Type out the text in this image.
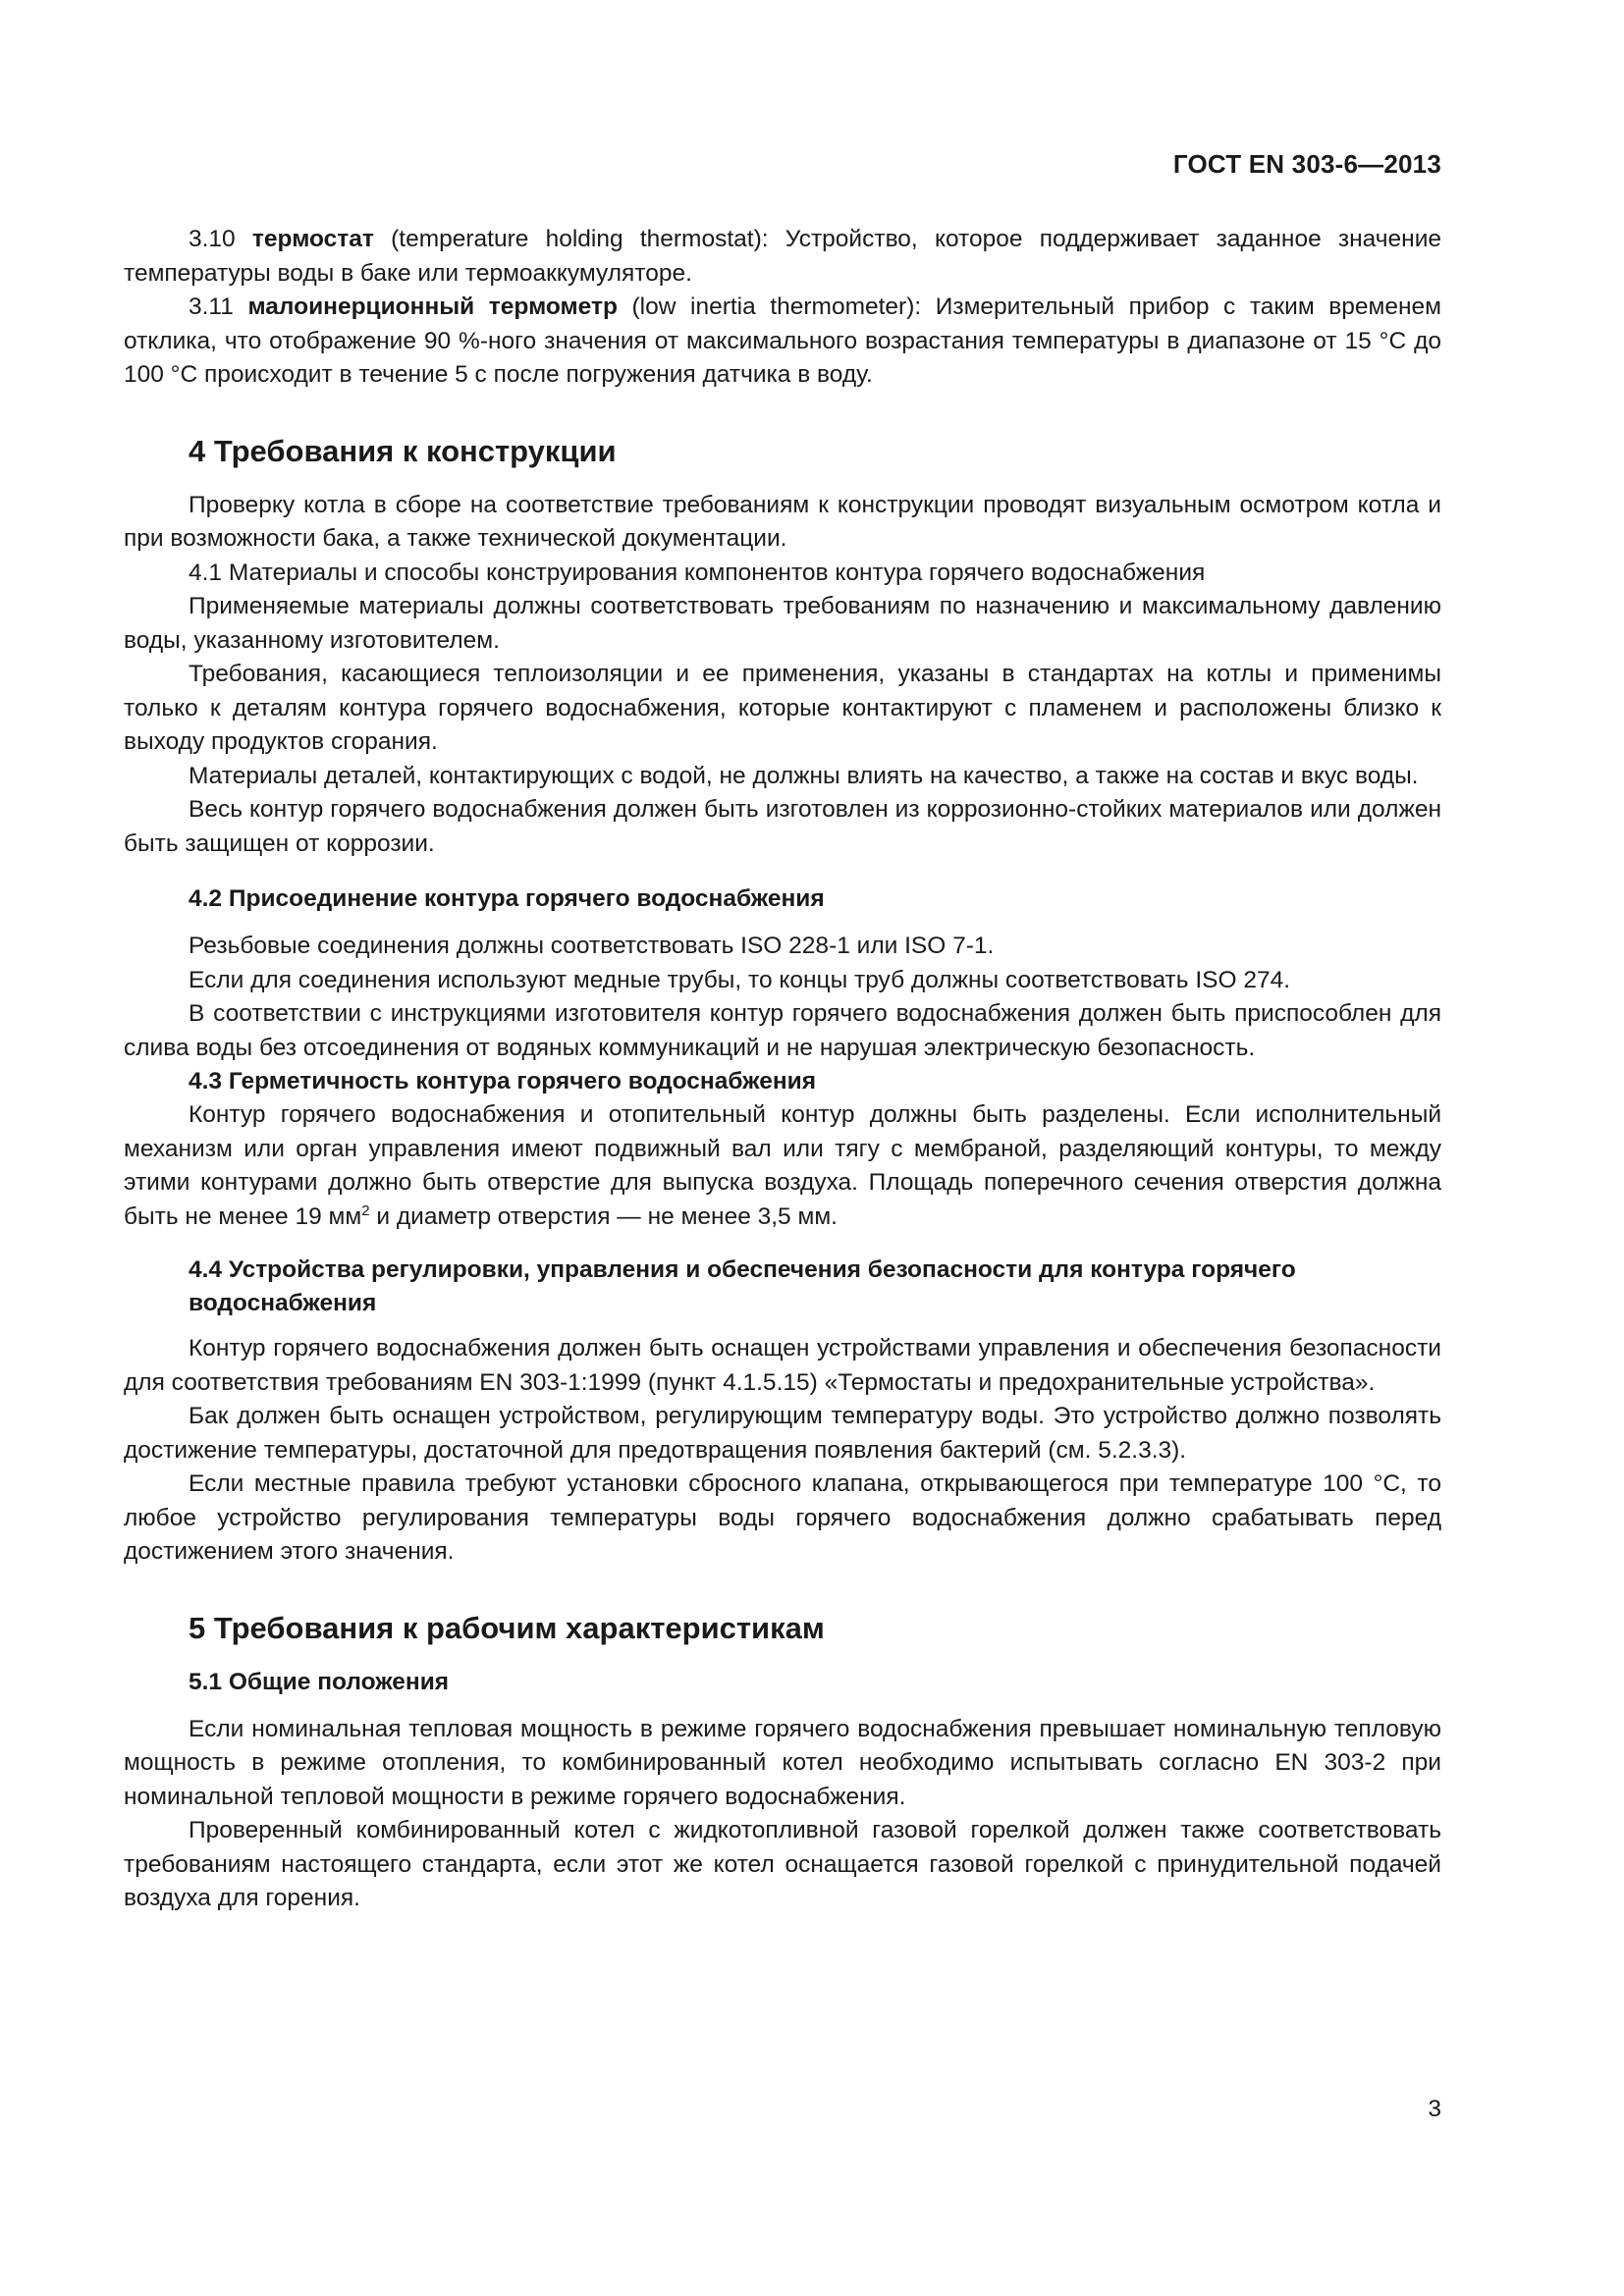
ГОСТ EN 303-6—2013

3.10 термостат (temperature holding thermostat): Устройство, которое поддерживает заданное значение температуры воды в баке или термоаккумуляторе.

3.11 малоинерционный термометр (low inertia thermometer): Измерительный прибор с таким временем отклика, что отображение 90 %-ного значения от максимального возрастания температуры в диапазоне от 15 °С до 100 °С происходит в течение 5 с после погружения датчика в воду.

4 Требования к конструкции

Проверку котла в сборе на соответствие требованиям к конструкции проводят визуальным осмотром котла и при возможности бака, а также технической документации.

4.1 Материалы и способы конструирования компонентов контура горячего водоснабжения

Применяемые материалы должны соответствовать требованиям по назначению и максимальному давлению воды, указанному изготовителем.

Требования, касающиеся теплоизоляции и ее применения, указаны в стандартах на котлы и применимы только к деталям контура горячего водоснабжения, которые контактируют с пламенем и расположены близко к выходу продуктов сгорания.

Материалы деталей, контактирующих с водой, не должны влиять на качество, а также на состав и вкус воды.

Весь контур горячего водоснабжения должен быть изготовлен из коррозионно-стойких материалов или должен быть защищен от коррозии.

4.2 Присоединение контура горячего водоснабжения

Резьбовые соединения должны соответствовать ISO 228-1 или ISO 7-1.

Если для соединения используют медные трубы, то концы труб должны соответствовать ISO 274.

В соответствии с инструкциями изготовителя контур горячего водоснабжения должен быть приспособлен для слива воды без отсоединения от водяных коммуникаций и не нарушая электрическую безопасность.

4.3 Герметичность контура горячего водоснабжения

Контур горячего водоснабжения и отопительный контур должны быть разделены. Если исполнительный механизм или орган управления имеют подвижный вал или тягу с мембраной, разделяющий контуры, то между этими контурами должно быть отверстие для выпуска воздуха. Площадь поперечного сечения отверстия должна быть не менее 19 $мм^2$ и диаметр отверстия — не менее 3,5 мм.

4.4 Устройства регулировки, управления и обеспечения безопасности для контура горячего водоснабжения

Контур горячего водоснабжения должен быть оснащен устройствами управления и обеспечения безопасности для соответствия требованиям EN 303-1:1999 (пункт 4.1.5.15) «Термостаты и предохранительные устройства».

Бак должен быть оснащен устройством, регулирующим температуру воды. Это устройство должно позволять достижение температуры, достаточной для предотвращения появления бактерий (см. 5.2.3.3).

Если местные правила требуют установки сбросного клапана, открывающегося при температуре 100 °С, то любое устройство регулирования температуры воды горячего водоснабжения должно срабатывать перед достижением этого значения.

5 Требования к рабочим характеристикам
5.1 Общие положения

Если номинальная тепловая мощность в режиме горячего водоснабжения превышает номинальную тепловую мощность в режиме отопления, то комбинированный котел необходимо испытывать согласно EN 303-2 при номинальной тепловой мощности в режиме горячего водоснабжения.

Проверенный комбинированный котел с жидкотопливной газовой горелкой должен также соответствовать требованиям настоящего стандарта, если этот же котел оснащается газовой горелкой с принудительной подачей воздуха для горения.

3
